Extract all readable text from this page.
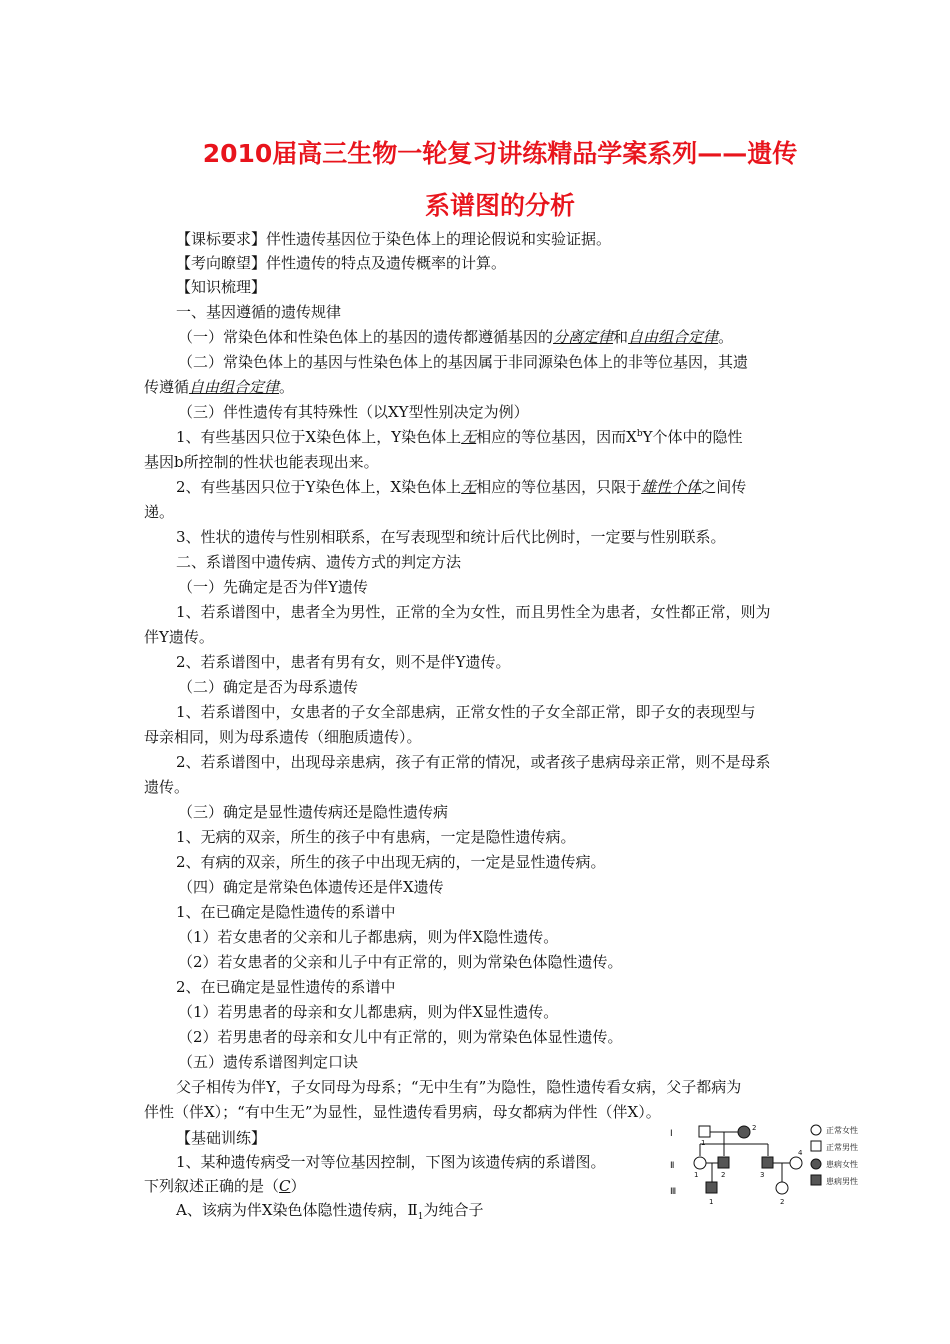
2010届高三生物一轮复习讲练精品学案系列——遗传
系谱图的分析
【课标要求】伴性遗传基因位于染色体上的理论假说和实验证据。
【考向瞭望】伴性遗传的特点及遗传概率的计算。
【知识梳理】
一、基因遵循的遗传规律
（一）常染色体和性染色体上的基因的遗传都遵循基因的分离定律和自由组合定律。
（二）常染色体上的基因与性染色体上的基因属于非同源染色体上的非等位基因，其遗
传遵循自由组合定律。
（三）伴性遗传有其特殊性（以XY型性别决定为例）
1、有些基因只位于X染色体上，Y染色体上无相应的等位基因，因而$X^bY$个体中的隐性
基因b所控制的性状也能表现出来。
2、有些基因只位于Y染色体上，X染色体上无相应的等位基因，只限于雄性个体之间传
递。
3、性状的遗传与性别相联系，在写表现型和统计后代比例时，一定要与性别联系。
二、系谱图中遗传病、遗传方式的判定方法
（一）先确定是否为伴Y遗传
1、若系谱图中，患者全为男性，正常的全为女性，而且男性全为患者，女性都正常，则为
伴Y遗传。
2、若系谱图中，患者有男有女，则不是伴Y遗传。
（二）确定是否为母系遗传
1、若系谱图中，女患者的子女全部患病，正常女性的子女全部正常，即子女的表现型与
母亲相同，则为母系遗传（细胞质遗传）。
2、若系谱图中，出现母亲患病，孩子有正常的情况，或者孩子患病母亲正常，则不是母系
遗传。
（三）确定是显性遗传病还是隐性遗传病
1、无病的双亲，所生的孩子中有患病，一定是隐性遗传病。
2、有病的双亲，所生的孩子中出现无病的，一定是显性遗传病。
（四）确定是常染色体遗传还是伴X遗传
1、在已确定是隐性遗传的系谱中
（1）若女患者的父亲和儿子都患病，则为伴X隐性遗传。
（2）若女患者的父亲和儿子中有正常的，则为常染色体隐性遗传。
2、在已确定是显性遗传的系谱中
（1）若男患者的母亲和女儿都患病，则为伴X显性遗传。
（2）若男患者的母亲和女儿中有正常的，则为常染色体显性遗传。
（五）遗传系谱图判定口诀
父子相传为伴Y，子女同母为母系；“无中生有”为隐性，隐性遗传看女病，父子都病为
伴性（伴X）；“有中生无”为显性，显性遗传看男病，母女都病为伴性（伴X）。
【基础训练】
1、某种遗传病受一对等位基因控制，下图为该遗传病的系谱图。
下列叙述正确的是（C）
A、该病为伴X染色体隐性遗传病，$Ⅱ_1$为纯合子
Ⅰ
Ⅱ
Ⅲ
1
2
1	2	3
4
1	2
正常女性
正常男性
患病女性
患病男性
